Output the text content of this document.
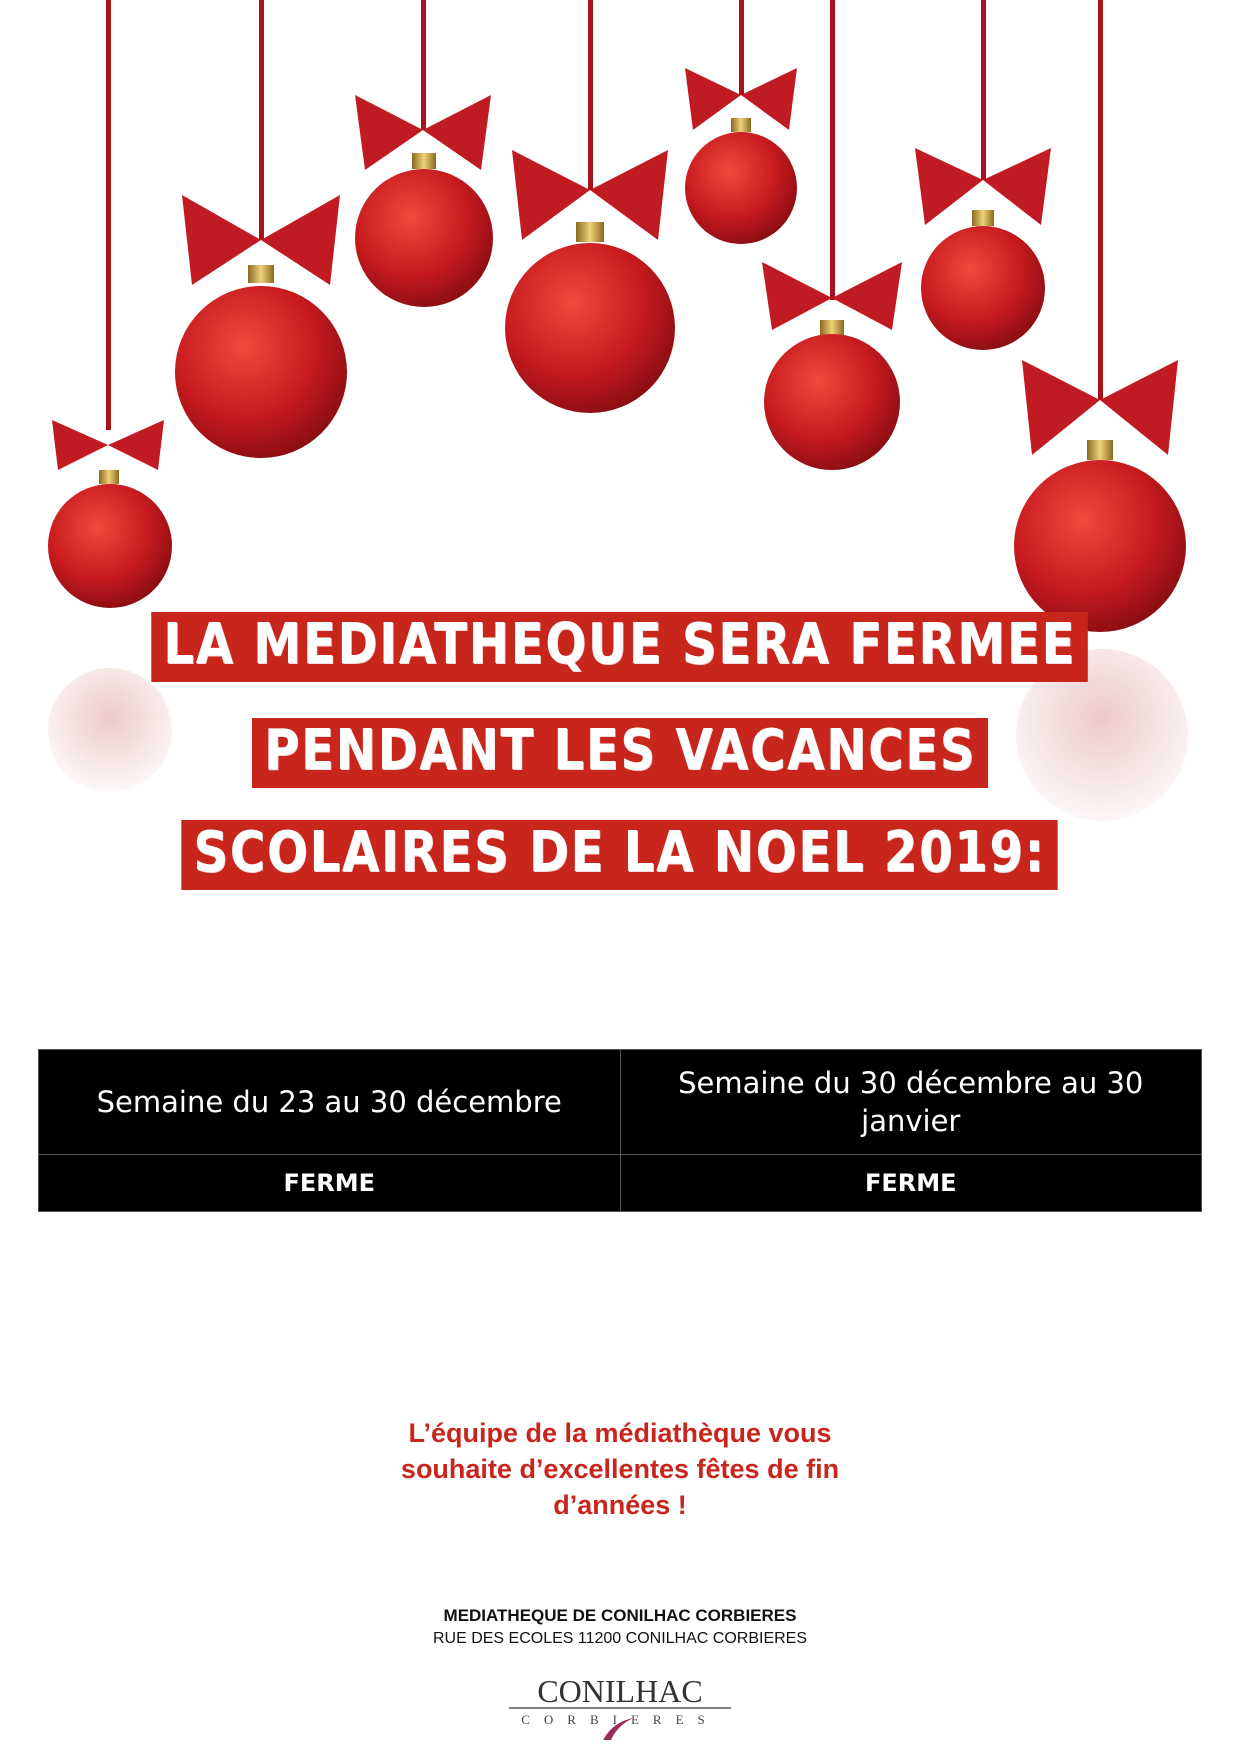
LA MEDIATHEQUE SERA FERMEE
PENDANT LES VACANCES
SCOLAIRES DE LA NOEL 2019:
Semaine du 23 au 30 décembre	Semaine du 30 décembre au 30 janvier
FERME	FERME
L’équipe de la médiathèque vous
souhaite d’excellentes fêtes de fin
d’années !
MEDIATHEQUE DE CONILHAC CORBIERES
RUE DES ECOLES 11200 CONILHAC CORBIERES
CONILHAC
CORBIERES
